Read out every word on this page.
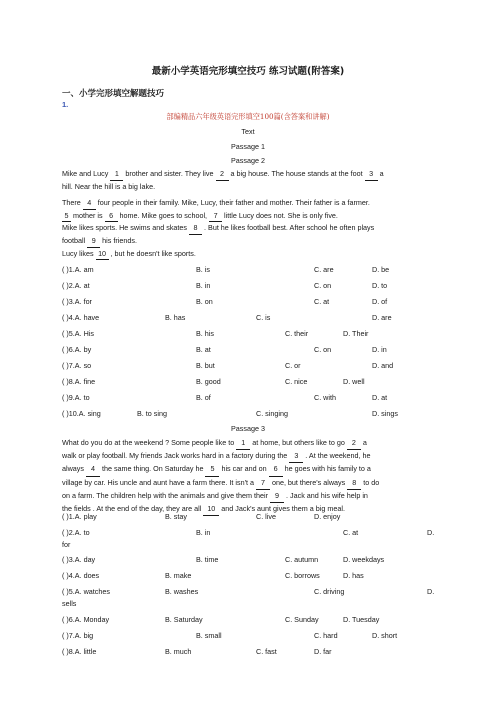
最新小学英语完形填空技巧 练习试题(附答案)
一、小学完形填空解题技巧
1.
部编精品六年级英语完形填空100篇(含答案和讲解)
Text
Passage 1
Passage 2
Mike and Lucy 1 brother and sister. They live 2 a big house. The house stands at the foot 3 a
hill. Near the hill is a big lake.
There 4 four people in their family. Mike, Lucy, their father and mother. Their father is a farmer.
5 mother is 6 home. Mike goes to school, 7 little Lucy does not. She is only five.
Mike likes sports. He swims and skates 8 . But he likes football best. After school he often plays
football 9 his friends.
Lucy likes 10 , but he doesn't like sports.
( )1.A. am	B. is	C. are	D. be
( )2.A. at	B. in	C. on	D. to
( )3.A. for	B. on	C. at	D. of
( )4.A. have	B. has	C. is	D. are
( )5.A. His	B. his	C. their	D. Their
( )6.A. by	B. at	C. on	D. in
( )7.A. so	B. but	C. or	D. and
( )8.A. fine	B. good	C. nice	D. well
( )9.A. to	B. of	C. with	D. at
( )10.A. sing	B. to sing	C. singing	D. sings
Passage 3
What do you do at the weekend ? Some people like to 1 at home, but others like to go 2 a
walk or play football. My friends Jack works hard in a factory during the 3 . At the weekend, he
always 4 the same thing. On Saturday he 5 his car and on 6 he goes with his family to a
village by car. His uncle and aunt have a farm there. It isn't a 7 one, but there's always 8 to do
on a farm. The children help with the animals and give them their 9 . Jack and his wife help in
the fields . At the end of the day, they are all 10 and Jack's aunt gives them a big meal.
( )1.A. play	B. stay	C. live	D. enjoy
( )2.A. to	B. in	C. at	D.
for
( )3.A. day	B. time	C. autumn	D. weekdays
( )4.A. does	B. make	C. borrows	D. has
( )5.A. watches	B. washes	C. driving	D.
sells
( )6.A. Monday	B. Saturday	C. Sunday	D. Tuesday
( )7.A. big	B. small	C. hard	D. short
( )8.A. little	B. much	C. fast	D. far
